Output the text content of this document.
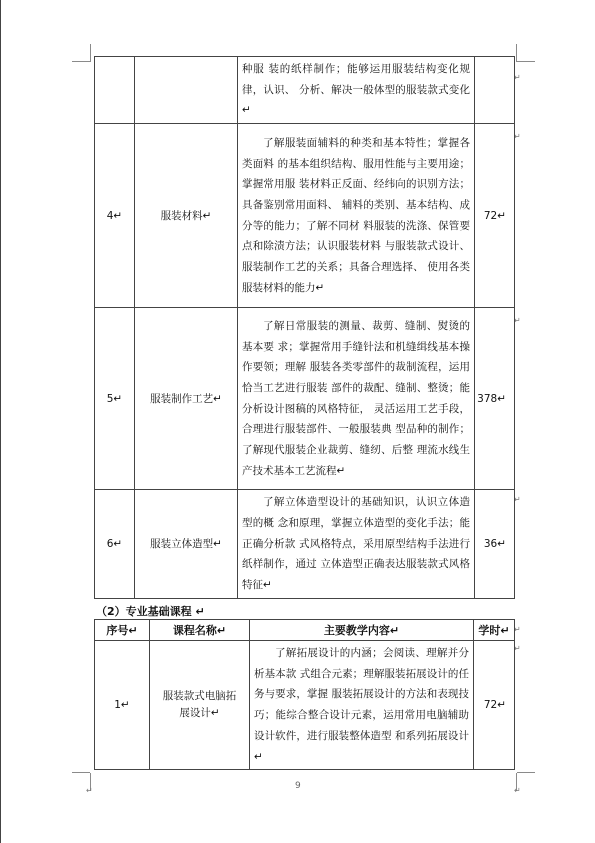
↵
↵
↵
↵
↵
↵
↵	↵
		种服 装的纸样制作；能够运用服装结构变化规律，认识、 分析、解决一般体型的服装款式变化↵	
4↵	服装材料↵	了解服装面辅料的种类和基本特性；掌握各类面料 的基本组织结构、服用性能与主要用途；掌握常用服 装材料正反面、经纬向的识别方法；具备鉴别常用面料、 辅料的类别、基本结构、成分等的能力；了解不同材 料服装的洗涤、保管要点和除渍方法；认识服装材料 与服装款式设计、服装制作工艺的关系；具备合理选择、 使用各类服装材料的能力↵	72↵
5↵	服装制作工艺↵	了解日常服装的测量、裁剪、缝制、熨烫的基本要 求；掌握常用手缝针法和机缝缉线基本操作要领；理解 服装各类零部件的裁制流程，运用恰当工艺进行服装 部件的裁配、缝制、整烫；能分析设计图稿的风格特征， 灵活运用工艺手段，合理进行服装部件、一般服装典 型品种的制作；了解现代服装企业裁剪、缝纫、后整 理流水线生产技术基本工艺流程↵	378↵
6↵	服装立体造型↵	了解立体造型设计的基础知识，认识立体造型的概 念和原理，掌握立体造型的变化手法；能正确分析款 式风格特点，采用原型结构手法进行纸样制作，通过 立体造型正确表达服装款式风格特征↵	36↵
（2）专业基础课程 ↵
序号↵	课程名称↵	主要教学内容↵	学时↵
1↵	服装款式电脑拓展设计↵	了解拓展设计的内涵；会阅读、理解并分析基本款 式组合元素；理解服装拓展设计的任务与要求，掌握 服装拓展设计的方法和表现技巧；能综合整合设计元素，运用常用电脑辅助设计软件，进行服装整体造型 和系列拓展设计↵	72↵
9
